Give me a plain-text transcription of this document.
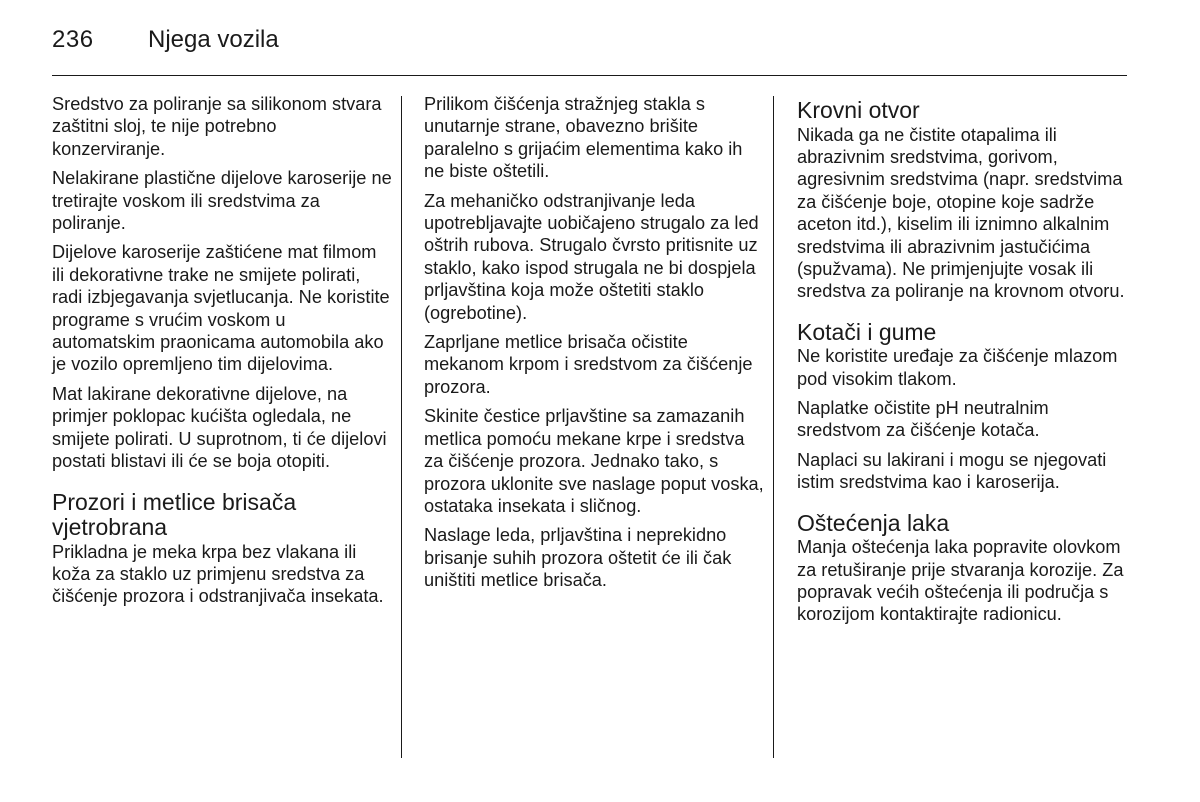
236 Njega vozila

Sredstvo za poliranje sa silikonom stvara zaštitni sloj, te nije potrebno konzerviranje.

Nelakirane plastične dijelove karoserije ne tretirajte voskom ili sredstvima za poliranje.

Dijelove karoserije zaštićene mat filmom ili dekorativne trake ne smijete polirati, radi izbjegavanja svjetlucanja. Ne koristite programe s vrućim voskom u automatskim praonicama automobila ako je vozilo opremljeno tim dijelovima.

Mat lakirane dekorativne dijelove, na primjer poklopac kućišta ogledala, ne smijete polirati. U suprotnom, ti će dijelovi postati blistavi ili će se boja otopiti.

Prozori i metlice brisača vjetrobrana

Prikladna je meka krpa bez vlakana ili koža za staklo uz primjenu sredstva za čišćenje prozora i odstranjivača insekata.

Prilikom čišćenja stražnjeg stakla s unutarnje strane, obavezno brišite paralelno s grijaćim elementima kako ih ne biste oštetili.

Za mehaničko odstranjivanje leda upotrebljavajte uobičajeno strugalo za led oštrih rubova. Strugalo čvrsto pritisnite uz staklo, kako ispod strugala ne bi dospjela prljavština koja može oštetiti staklo (ogrebotine).

Zaprljane metlice brisača očistite mekanom krpom i sredstvom za čišćenje prozora.

Skinite čestice prljavštine sa zamazanih metlica pomoću mekane krpe i sredstva za čišćenje prozora. Jednako tako, s prozora uklonite sve naslage poput voska, ostataka insekata i sličnog.

Naslage leda, prljavština i neprekidno brisanje suhih prozora oštetit će ili čak uništiti metlice brisača.

Krovni otvor

Nikada ga ne čistite otapalima ili abrazivnim sredstvima, gorivom, agresivnim sredstvima (napr. sredstvima za čišćenje boje, otopine koje sadrže aceton itd.), kiselim ili iznimno alkalnim sredstvima ili abrazivnim jastučićima (spužvama). Ne primjenjujte vosak ili sredstva za poliranje na krovnom otvoru.

Kotači i gume

Ne koristite uređaje za čišćenje mlazom pod visokim tlakom.

Naplatke očistite pH neutralnim sredstvom za čišćenje kotača.

Naplaci su lakirani i mogu se njegovati istim sredstvima kao i karoserija.

Oštećenja laka

Manja oštećenja laka popravite olovkom za retuširanje prije stvaranja korozije. Za popravak većih oštećenja ili područja s korozijom kontaktirajte radionicu.
